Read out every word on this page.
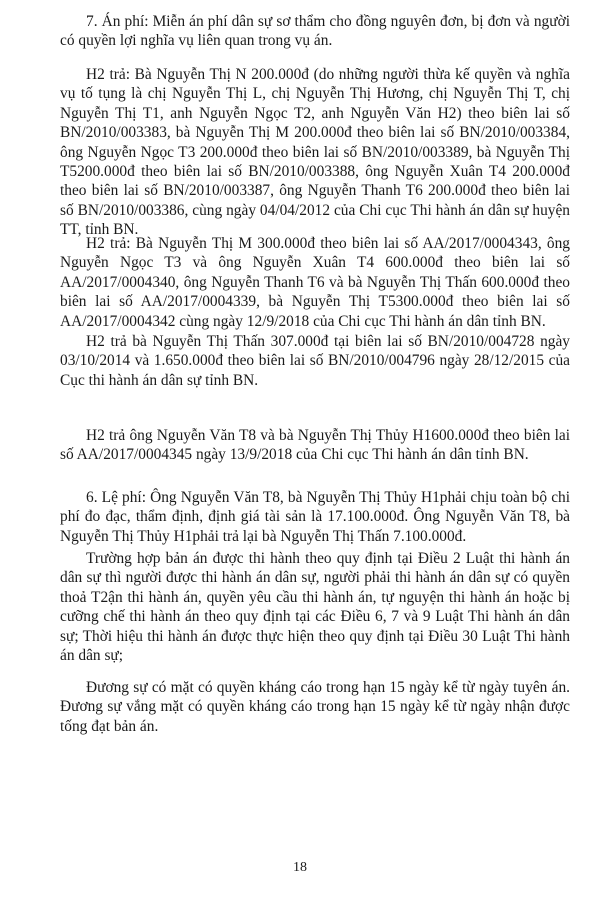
7. Án phí: Miễn án phí dân sự sơ thẩm cho đồng nguyên đơn, bị đơn và người có quyền lợi nghĩa vụ liên quan trong vụ án.

H2 trả: Bà Nguyễn Thị N 200.000đ (do những người thừa kế quyền và nghĩa vụ tố tụng là chị Nguyễn Thị L, chị Nguyễn Thị Hương, chị Nguyễn Thị T, chị Nguyễn Thị T1, anh Nguyễn Ngọc T2, anh Nguyễn Văn H2) theo biên lai số BN/2010/003383, bà Nguyễn Thị M 200.000đ theo biên lai số BN/2010/003384, ông Nguyễn Ngọc T3 200.000đ theo biên lai số BN/2010/003389, bà Nguyễn Thị T5200.000đ theo biên lai số BN/2010/003388, ông Nguyễn Xuân T4 200.000đ theo biên lai số BN/2010/003387, ông Nguyễn Thanh T6 200.000đ theo biên lai số BN/2010/003386, cùng ngày 04/04/2012 của Chi cục Thi hành án dân sự huyện TT, tỉnh BN.

H2 trả: Bà Nguyễn Thị M 300.000đ theo biên lai số AA/2017/0004343, ông Nguyễn Ngọc T3 và ông Nguyễn Xuân T4 600.000đ theo biên lai số AA/2017/0004340, ông Nguyễn Thanh T6 và bà Nguyễn Thị Thấn 600.000đ theo biên lai số AA/2017/0004339, bà Nguyễn Thị T5300.000đ theo biên lai số AA/2017/0004342 cùng ngày 12/9/2018 của Chi cục Thi hành án dân tỉnh BN.

H2 trả bà Nguyễn Thị Thấn 307.000đ tại biên lai số BN/2010/004728 ngày 03/10/2014 và 1.650.000đ theo biên lai số BN/2010/004796 ngày 28/12/2015 của Cục thi hành án dân sự tỉnh BN.

H2 trả ông Nguyễn Văn T8 và bà Nguyễn Thị Thủy H1600.000đ theo biên lai số AA/2017/0004345 ngày 13/9/2018 của Chi cục Thi hành án dân tỉnh BN.

6. Lệ phí: Ông Nguyễn Văn T8, bà Nguyễn Thị Thủy H1phải chịu toàn bộ chi phí đo đạc, thẩm định, định giá tài sản là 17.100.000đ. Ông Nguyễn Văn T8, bà Nguyễn Thị Thủy H1phải trả lại bà Nguyễn Thị Thấn 7.100.000đ.

Trường hợp bản án được thi hành theo quy định tại Điều 2 Luật thi hành án dân sự thì người được thi hành án dân sự, người phải thi hành án dân sự có quyền thoả T2ận thi hành án, quyền yêu cầu thi hành án, tự nguyện thi hành án hoặc bị cưỡng chế thi hành án theo quy định tại các Điều 6, 7 và 9 Luật Thi hành án dân sự; Thời hiệu thi hành án được thực hiện theo quy định tại Điều 30 Luật Thi hành án dân sự;

Đương sự có mặt có quyền kháng cáo trong hạn 15 ngày kể từ ngày tuyên án. Đương sự vắng mặt có quyền kháng cáo trong hạn 15 ngày kể từ ngày nhận được tống đạt bản án.

18
